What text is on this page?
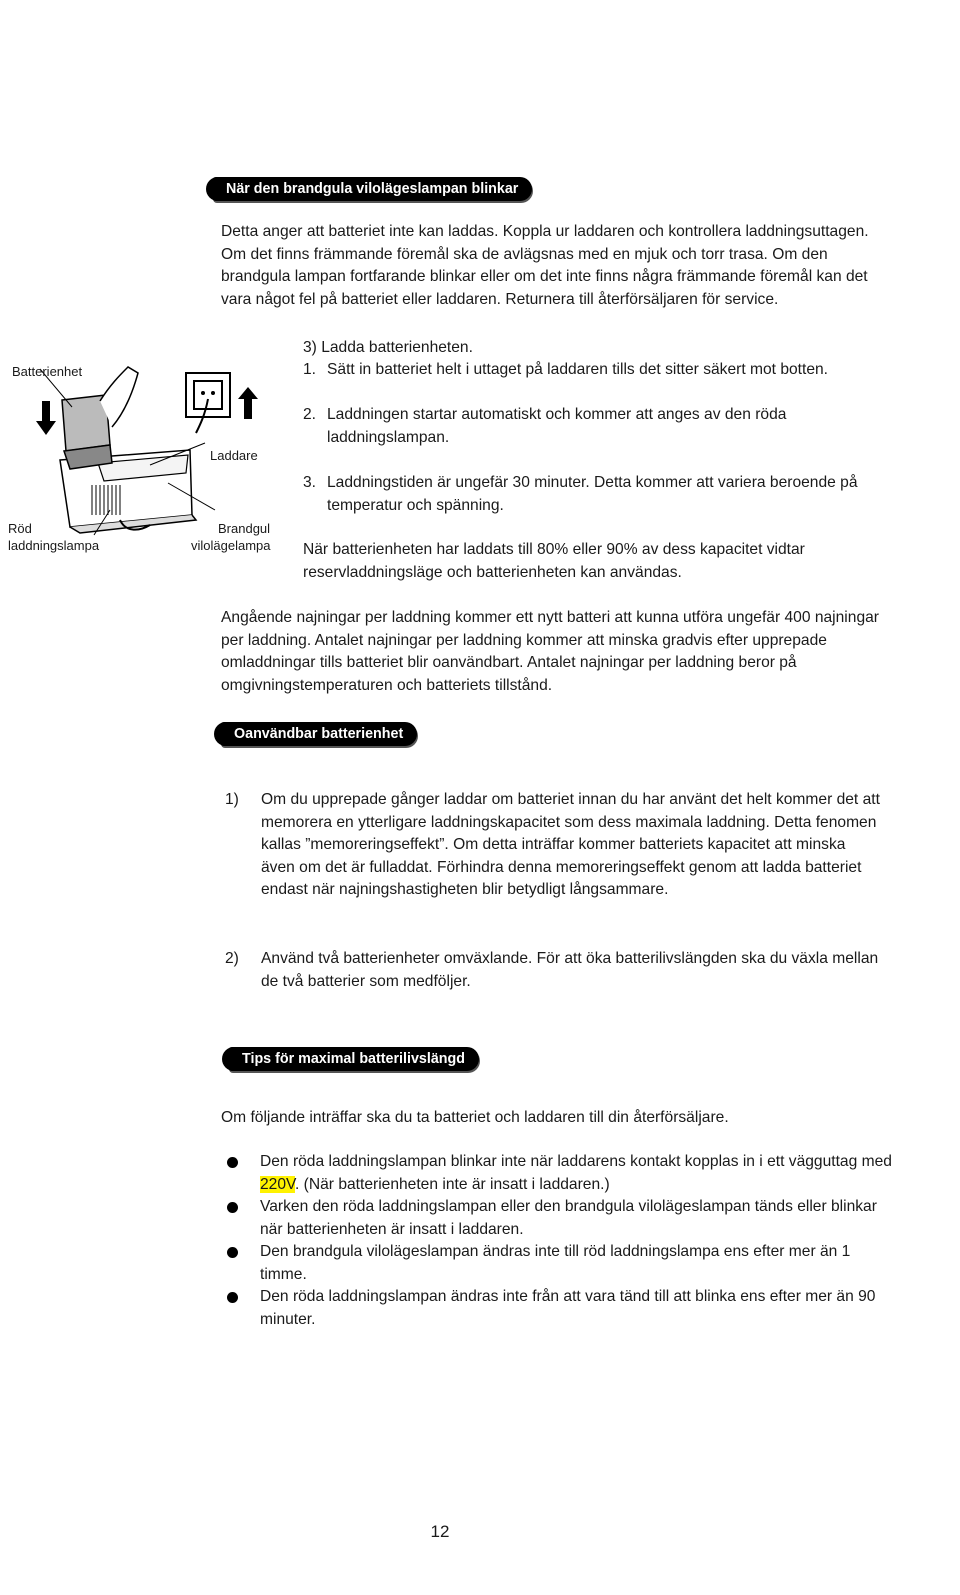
När den brandgula vilolägeslampan blinkar

Detta anger att batteriet inte kan laddas. Koppla ur laddaren och kontrollera laddningsuttagen. Om det finns främmande föremål ska de avlägsnas med en mjuk och torr trasa. Om den brandgula lampan fortfarande blinkar eller om det inte finns några främmande föremål kan det vara något fel på batteriet eller laddaren. Returnera till återförsäljaren för service.

Batterienhet
Laddare
Röd
laddningslampa
Brandgul
vilolägelampa
3) Ladda batterienheten.
1. Sätt in batteriet helt i uttaget på laddaren tills det sitter säkert mot botten.
2. Laddningen startar automatiskt och kommer att anges av den röda laddningslampan.
3. Laddningstiden är ungefär 30 minuter. Detta kommer att variera beroende på temperatur och spänning.

När batterienheten har laddats till 80% eller 90% av dess kapacitet vidtar reservladdningsläge och batterienheten kan användas.

Angående najningar per laddning kommer ett nytt batteri att kunna utföra ungefär 400 najningar per laddning. Antalet najningar per laddning kommer att minska gradvis efter upprepade omladdningar tills batteriet blir oanvändbart. Antalet najningar per laddning beror på omgivningstemperaturen och batteriets tillstånd.

Oanvändbar batterienhet
1) Om du upprepade gånger laddar om batteriet innan du har använt det helt kommer det att memorera en ytterligare laddningskapacitet som dess maximala laddning. Detta fenomen kallas ”memoreringseffekt”. Om detta inträffar kommer batteriets kapacitet att minska även om det är fulladdat. Förhindra denna memoreringseffekt genom att ladda batteriet endast när najningshastigheten blir betydligt långsammare.
2) Använd två batterienheter omväxlande. För att öka batterilivslängden ska du växla mellan de två batterier som medföljer.
Tips för maximal batterilivslängd

Om följande inträffar ska du ta batteriet och laddaren till din återförsäljare.

Den röda laddningslampan blinkar inte när laddarens kontakt kopplas in i ett vägguttag med 220V. (När batterienheten inte är insatt i laddaren.)
Varken den röda laddningslampan eller den brandgula vilolägeslampan tänds eller blinkar när batterienheten är insatt i laddaren.
Den brandgula vilolägeslampan ändras inte till röd laddningslampa ens efter mer än 1 timme.
Den röda laddningslampan ändras inte från att vara tänd till att blinka ens efter mer än 90 minuter.
12
